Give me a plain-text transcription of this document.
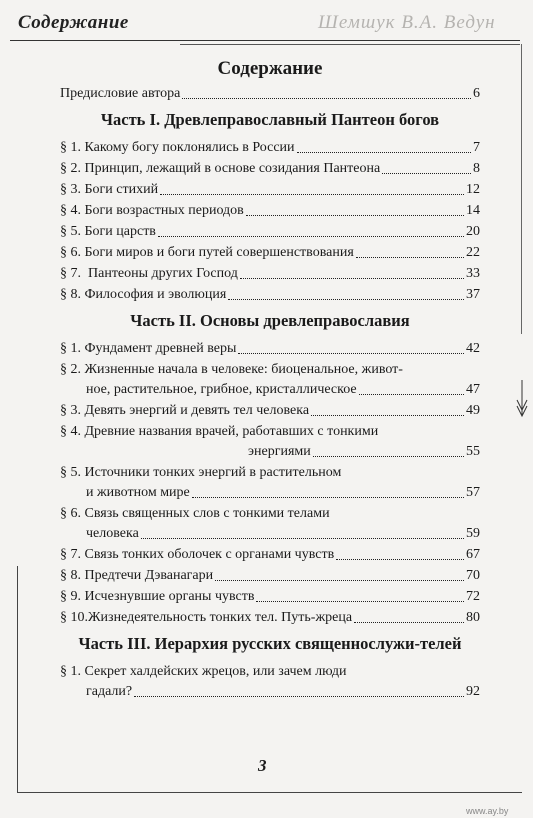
Содержание	Шемшук В.А. Ведун
Содержание
Предисловие автора	6
Часть I. Древлеправославный Пантеон богов
§ 1. Какому богу поклонялись в России	7
§ 2. Принцип, лежащий в основе созидания Пантеона	8
§ 3. Боги стихий	12
§ 4. Боги возрастных периодов	14
§ 5. Боги царств	20
§ 6. Боги миров и боги путей совершенствования	22
§ 7.  Пантеоны других Господ	33
§ 8. Философия и эволюция	37
Часть II. Основы древлеправославия
§ 1. Фундамент древней веры	42
§ 2. Жизненные начала в человеке: биоценальное, живот-
ное, растительное, грибное, кристаллическое	47
§ 3. Девять энергий и девять тел человека	49
§ 4. Древние названия врачей, работавших с тонкими
энергиями	55
§ 5. Источники тонких энергий в растительном
и животном мире	57
§ 6. Связь священных слов с тонкими телами
человека	59
§ 7. Связь тонких оболочек с органами чувств	67
§ 8. Предтечи Дэванагари	70
§ 9. Исчезнувшие органы чувств	72
§ 10.Жизнедеятельность тонких тел. Путь-жреца	80
Часть III. Иерархия русских священнослужи-телей
§ 1. Секрет халдейских жрецов, или зачем люди
гадали?	92
3
www.ay.by
